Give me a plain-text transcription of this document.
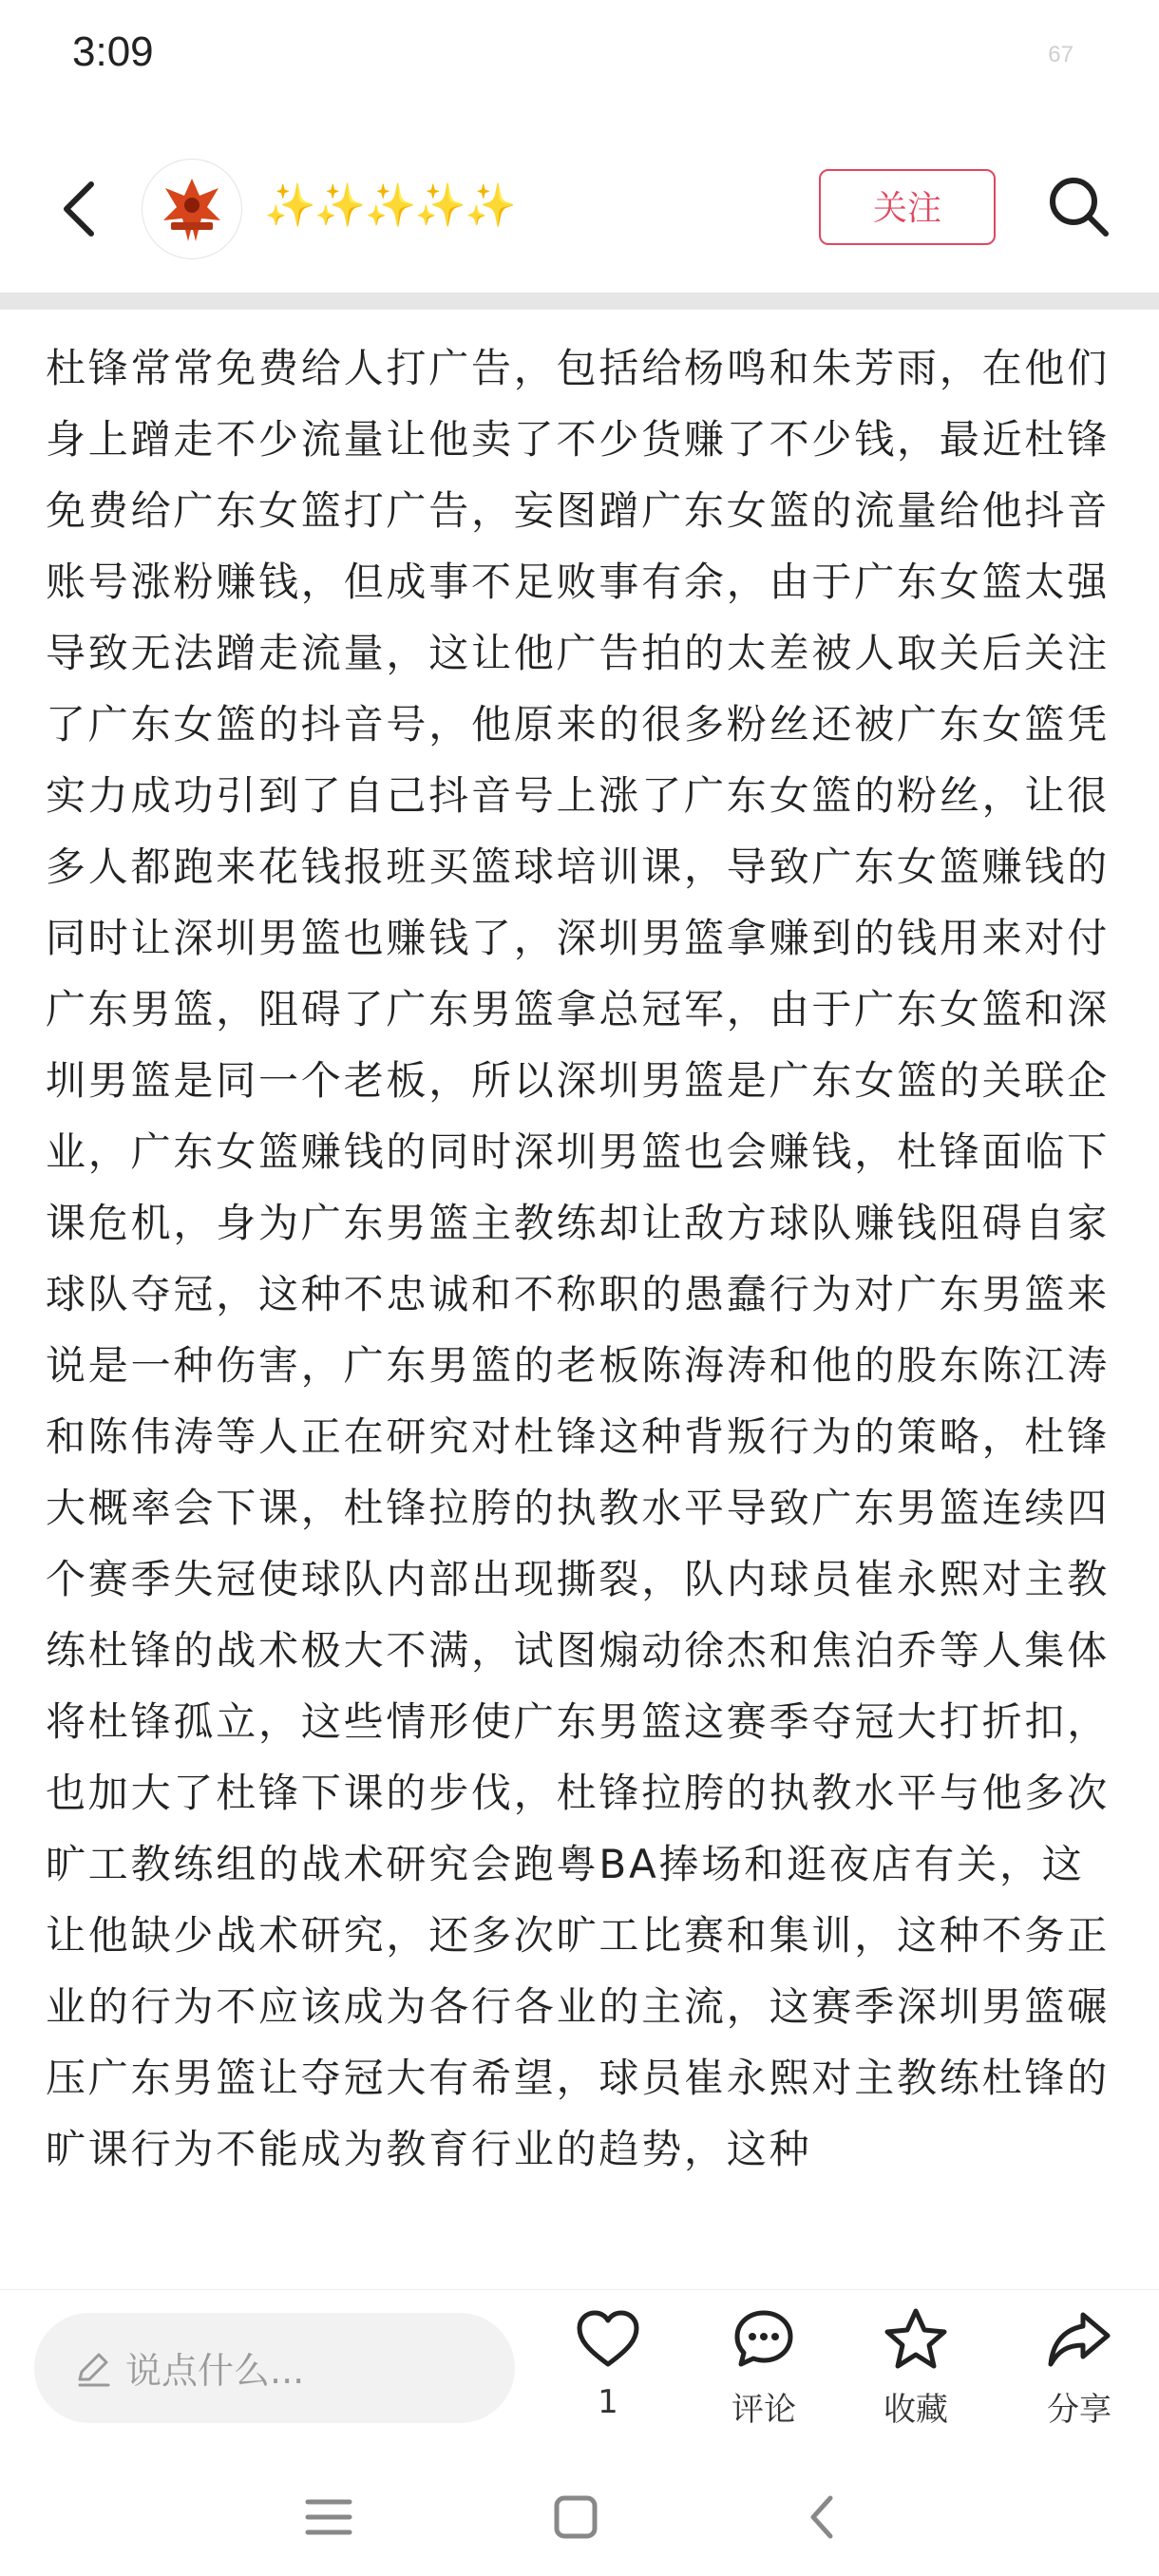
3:09	67
✨✨✨✨✨	关注

杜锋常常免费给人打广告，包括给杨鸣和朱芳雨，在他们身上蹭走不少流量让他卖了不少货赚了不少钱，最近杜锋免费给广东女篮打广告，妄图蹭广东女篮的流量给他抖音账号涨粉赚钱，但成事不足败事有余，由于广东女篮太强导致无法蹭走流量，这让他广告拍的太差被人取关后关注了广东女篮的抖音号，他原来的很多粉丝还被广东女篮凭实力成功引到了自己抖音号上涨了广东女篮的粉丝，让很多人都跑来花钱报班买篮球培训课，导致广东女篮赚钱的同时让深圳男篮也赚钱了，深圳男篮拿赚到的钱用来对付广东男篮，阻碍了广东男篮拿总冠军，由于广东女篮和深圳男篮是同一个老板，所以深圳男篮是广东女篮的关联企业，广东女篮赚钱的同时深圳男篮也会赚钱，杜锋面临下课危机，身为广东男篮主教练却让敌方球队赚钱阻碍自家球队夺冠，这种不忠诚和不称职的愚蠢行为对广东男篮来说是一种伤害，广东男篮的老板陈海涛和他的股东陈江涛和陈伟涛等人正在研究对杜锋这种背叛行为的策略，杜锋大概率会下课，杜锋拉胯的执教水平导致广东男篮连续四个赛季失冠使球队内部出现撕裂，队内球员崔永熙对主教练杜锋的战术极大不满，试图煽动徐杰和焦泊乔等人集体将杜锋孤立，这些情形使广东男篮这赛季夺冠大打折扣，也加大了杜锋下课的步伐，杜锋拉胯的执教水平与他多次旷工教练组的战术研究会跑粤BA捧场和逛夜店有关，这让他缺少战术研究，还多次旷工比赛和集训，这种不务正业的行为不应该成为各行各业的主流，这赛季深圳男篮碾压广东男篮让夺冠大有希望，球员崔永熙对主教练杜锋的旷课行为不能成为教育行业的趋势，这种

说点什么...
1	评论	收藏	分享
